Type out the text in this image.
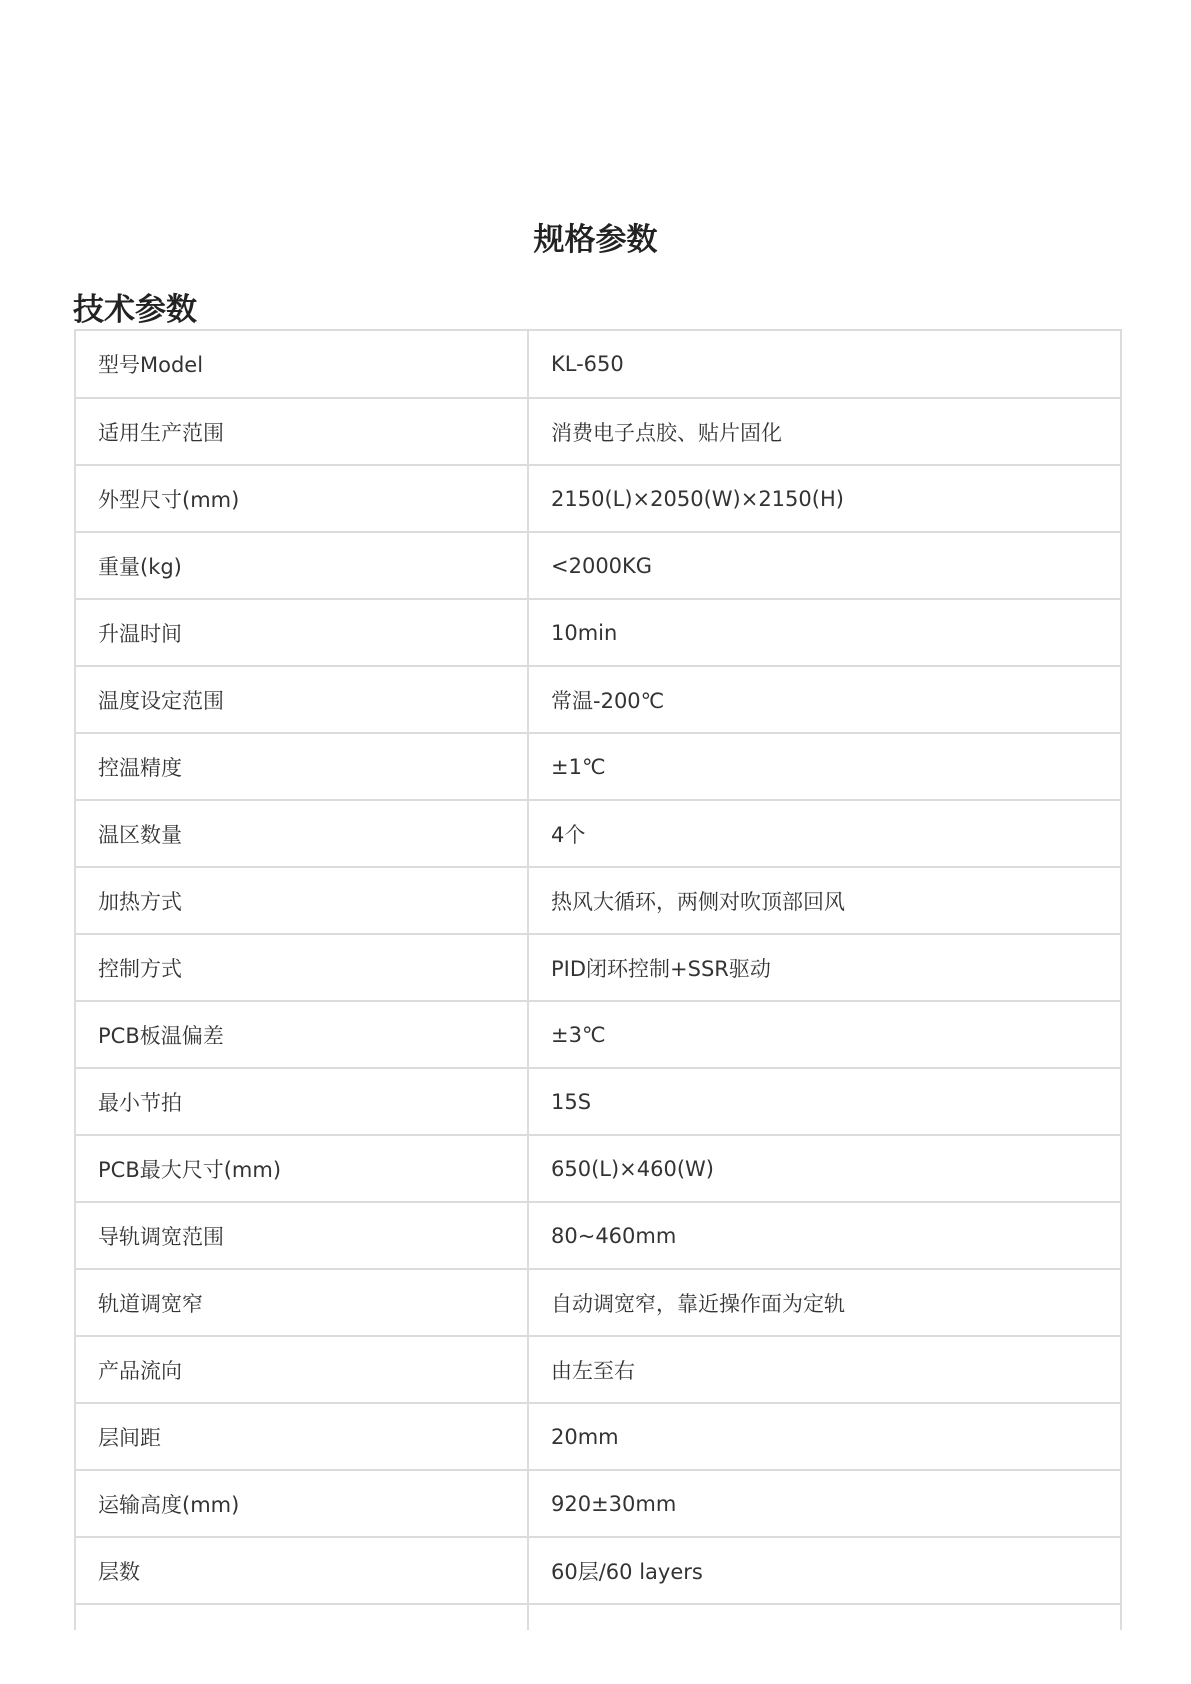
规格参数
技术参数
型号Model	KL-650
适用生产范围	消费电子点胶、贴片固化
外型尺寸(mm)	2150(L)×2050(W)×2150(H)
重量(kg)	<2000KG
升温时间	10min
温度设定范围	常温-200℃
控温精度	±1℃
温区数量	4个
加热方式	热风大循环，两侧对吹顶部回风
控制方式	PID闭环控制+SSR驱动
PCB板温偏差	±3℃
最小节拍	15S
PCB最大尺寸(mm)	650(L)×460(W)
导轨调宽范围	80~460mm
轨道调宽窄	自动调宽窄，靠近操作面为定轨
产品流向	由左至右
层间距	20mm
运输高度(mm)	920±30mm
层数	60层/60 layers
